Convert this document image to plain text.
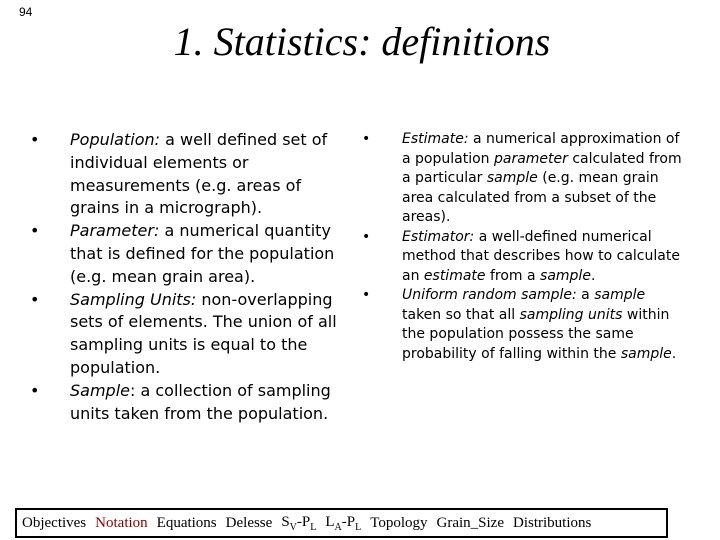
94
1. Statistics: definitions
• Population: a well defined set of individual elements or measurements (e.g. areas of grains in a micrograph).
• Parameter: a numerical quantity that is defined for the population (e.g. mean grain area).
• Sampling Units: non-overlapping sets of elements. The union of all sampling units is equal to the population.
• Sample: a collection of sampling units taken from the population.
• Estimate: a numerical approximation of a population parameter calculated from a particular sample (e.g. mean grain area calculated from a subset of the areas).
• Estimator: a well-defined numerical method that describes how to calculate an estimate from a sample.
• Uniform random sample: a sample taken so that all sampling units within the population possess the same probability of falling within the sample.
Objectives Notation Equations Delesse $S_V-P_L$ $L_A-P_L$ Topology Grain_Size Distributions
